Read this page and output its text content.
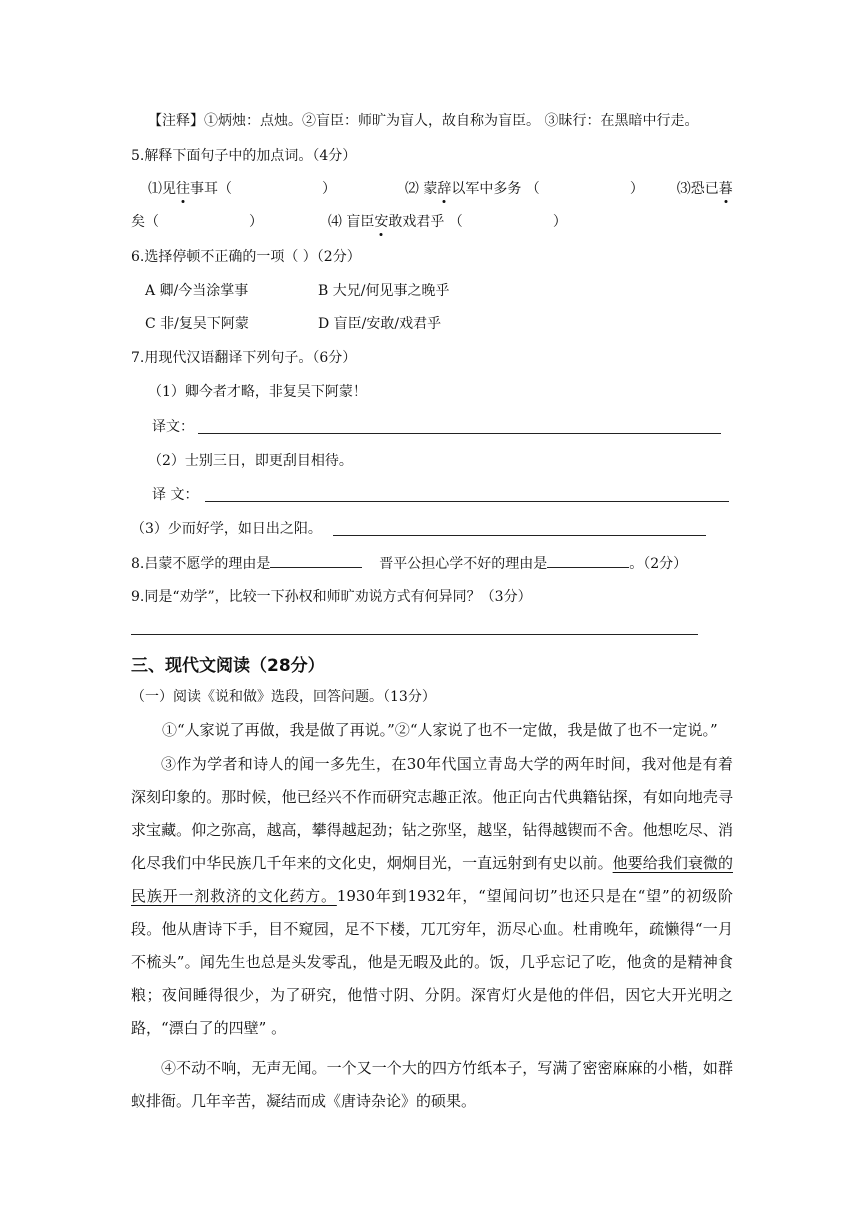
【注释】①炳烛：点烛。②盲臣：师旷为盲人，故自称为盲臣。 ③昧行：在黑暗中行走。
5.解释下面句子中的加点词。（4分）
⑴见往事耳（	）	⑵ 蒙辞以军中多务 （	） ⑶恐已暮
矣（	）	⑷ 盲臣安敢戏君乎 （	）
6.选择停顿不正确的一项（ ）（2分）
A 卿/今当涂掌事	B 大兄/何见事之晚乎
C 非/复吴下阿蒙	D 盲臣/安敢/戏君乎
7.用现代汉语翻译下列句子。（6分）
（1）卿今者才略，非复吴下阿蒙！
译文：
（2）士别三日，即更刮目相待。
译 文：
（3）少而好学，如日出之阳。
8.吕蒙不愿学的理由是	晋平公担心学不好的理由是	。（2分）
9.同是“劝学”，比较一下孙权和师旷劝说方式有何异同？（3分）
三、现代文阅读（28分）
（一）阅读《说和做》选段，回答问题。（13分）
①“人家说了再做，我是做了再说。”②“人家说了也不一定做，我是做了也不一定说。”
③作为学者和诗人的闻一多先生，在30年代国立青岛大学的两年时间，我对他是有着深刻印象的。那时候，他已经兴不作而研究志趣正浓。他正向古代典籍钻探，有如向地壳寻求宝藏。仰之弥高，越高，攀得越起劲；钻之弥坚，越坚，钻得越锲而不舍。他想吃尽、消化尽我们中华民族几千年来的文化史，炯炯目光，一直远射到有史以前。他要给我们衰微的民族开一剂救济的文化药方。1930年到1932年，“望闻问切”也还只是在“望”的初级阶段。他从唐诗下手，目不窥园，足不下楼，兀兀穷年，沥尽心血。杜甫晚年，疏懒得“一月不梳头”。闻先生也总是头发零乱，他是无暇及此的。饭，几乎忘记了吃，他贪的是精神食粮；夜间睡得很少，为了研究，他惜寸阴、分阴。深宵灯火是他的伴侣，因它大开光明之路，“漂白了的四壁” 。
④不动不响，无声无闻。一个又一个大的四方竹纸本子，写满了密密麻麻的小楷，如群蚁排衙。几年辛苦，凝结而成《唐诗杂论》的硕果。
